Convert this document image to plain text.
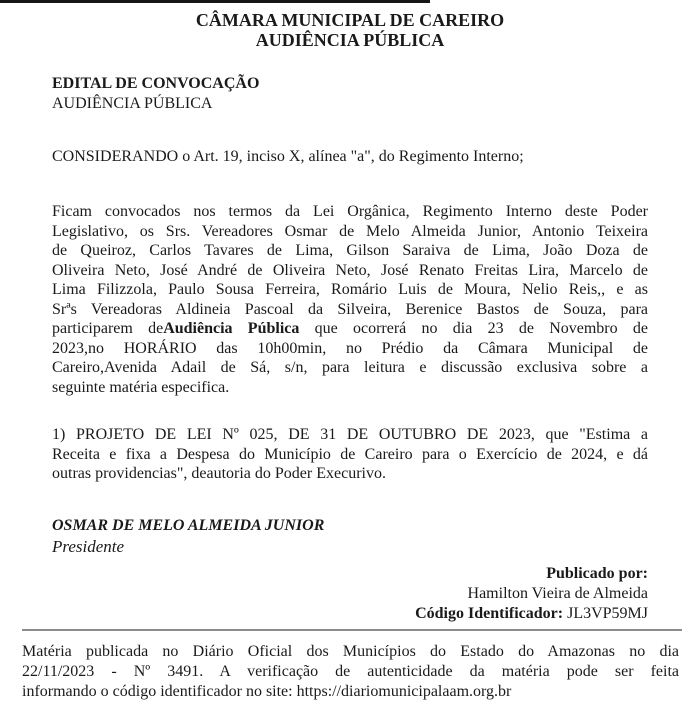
CÂMARA MUNICIPAL DE CAREIRO
AUDIÊNCIA PÚBLICA
EDITAL DE CONVOCAÇÃO
AUDIÊNCIA PÚBLICA
CONSIDERANDO o Art. 19, inciso X, alínea "a", do Regimento Interno;
Ficam convocados nos termos da Lei Orgânica, Regimento Interno deste Poder
Legislativo, os Srs. Vereadores Osmar de Melo Almeida Junior, Antonio Teixeira
de Queiroz, Carlos Tavares de Lima, Gilson Saraiva de Lima, João Doza de
Oliveira Neto, José André de Oliveira Neto, José Renato Freitas Lira, Marcelo de
Lima Filizzola, Paulo Sousa Ferreira, Romário Luis de Moura, Nelio Reis,, e as
Srªs Vereadoras Aldineia Pascoal da Silveira, Berenice Bastos de Souza, para
participarem deAudiência Pública que ocorrerá no dia 23 de Novembro de
2023,no HORÁRIO das 10h00min, no Prédio da Câmara Municipal de
Careiro,Avenida Adail de Sá, s/n, para leitura e discussão exclusiva sobre a
seguinte matéria especifica.
1) PROJETO DE LEI Nº 025, DE 31 DE OUTUBRO DE 2023, que "Estima a
Receita e fixa a Despesa do Município de Careiro para o Exercício de 2024, e dá
outras providencias", deautoria do Poder Execurivo.
OSMAR DE MELO ALMEIDA JUNIOR
Presidente
Publicado por:
Hamilton Vieira de Almeida
Código Identificador: JL3VP59MJ
Matéria publicada no Diário Oficial dos Municípios do Estado do Amazonas no dia
22/11/2023 - Nº 3491. A verificação de autenticidade da matéria pode ser feita
informando o código identificador no site: https://diariomunicipalaam.org.br
